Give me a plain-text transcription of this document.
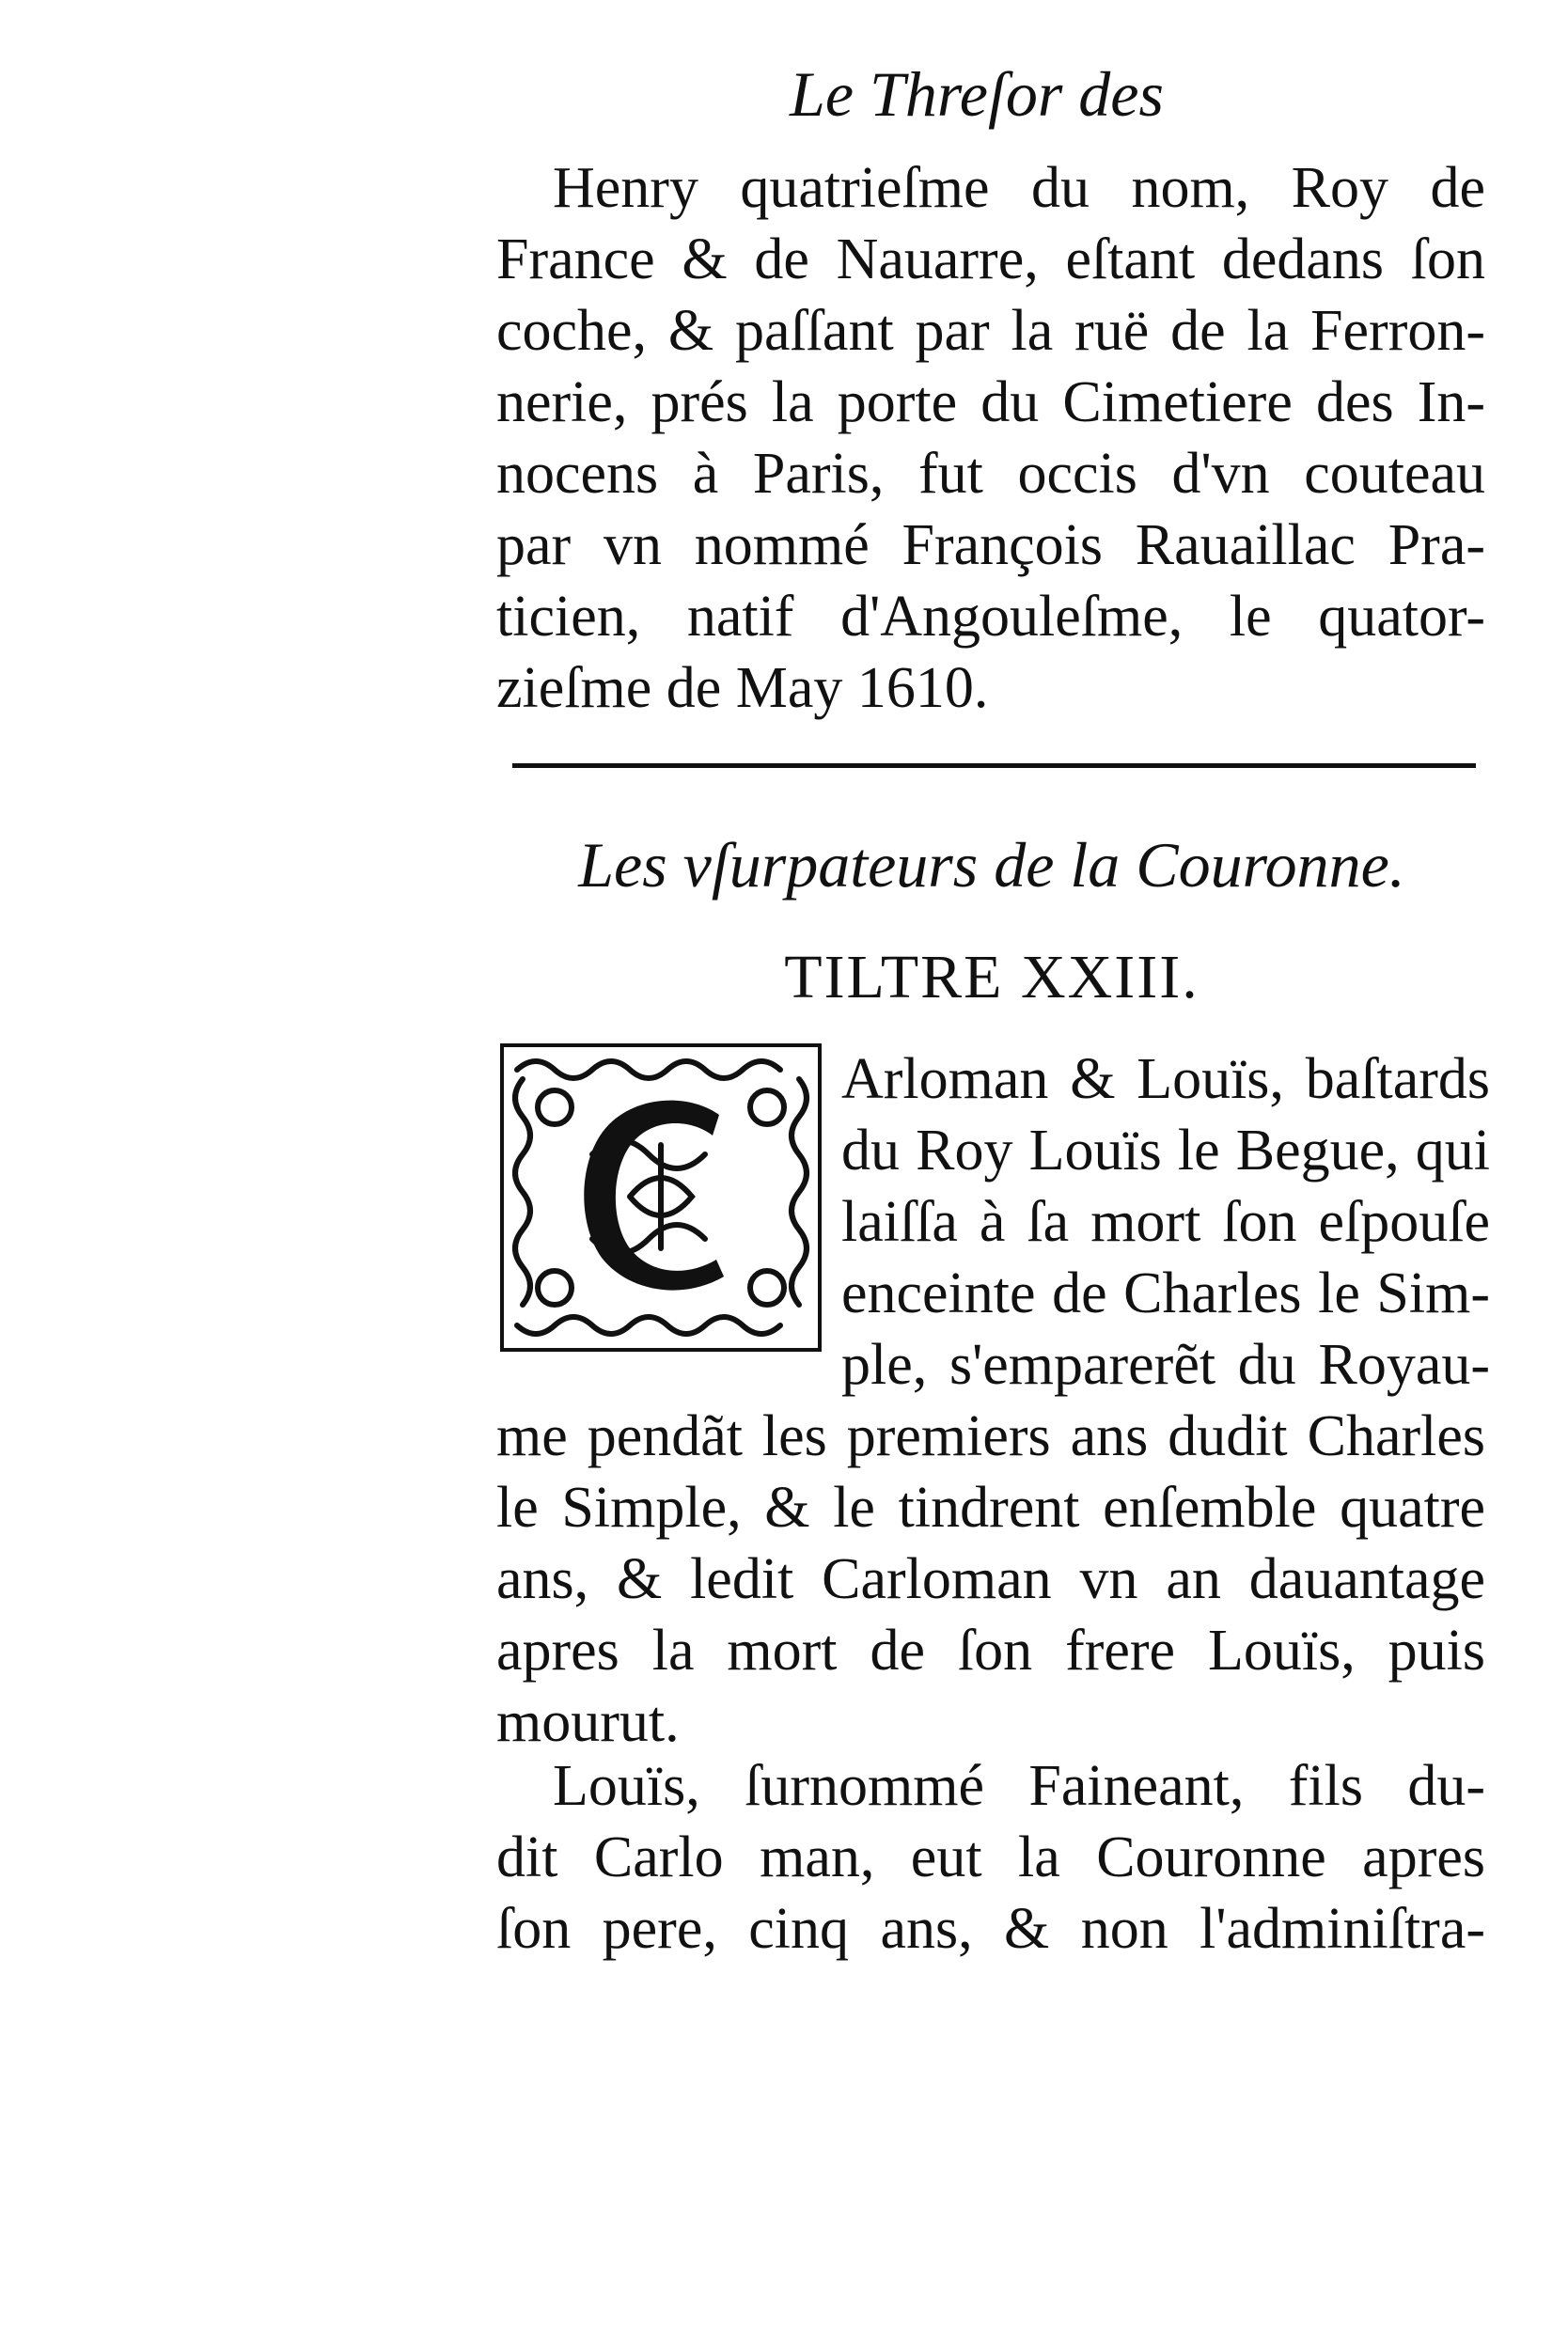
Le Threſor des
Henry quatrieſme du nom, Roy de
France & de Nauarre, eſtant dedans ſon
coche, & paſſant par la ruë de la Ferron-
nerie, prés la porte du Cimetiere des In-
nocens à Paris, fut occis d'vn couteau
par vn nommé François Rauaillac Pra-
ticien, natif d'Angouleſme, le quator-
zieſme de May 1610.
Les vſurpateurs de la Couronne.
TILTRE XXIII.
C
Arloman & Louïs, baſtards
du Roy Louïs le Begue, qui
laiſſa à ſa mort ſon eſpouſe
enceinte de Charles le Sim-
ple, s'emparerẽt du Royau-
me pendãt les premiers ans dudit Charles
le Simple, & le tindrent enſemble quatre
ans, & ledit Carloman vn an dauantage
apres la mort de ſon frere Louïs, puis
mourut.
Louïs, ſurnommé Faineant, fils du-
dit Carlo man, eut la Couronne apres
ſon pere, cinq ans, & non l'adminiſtra-
